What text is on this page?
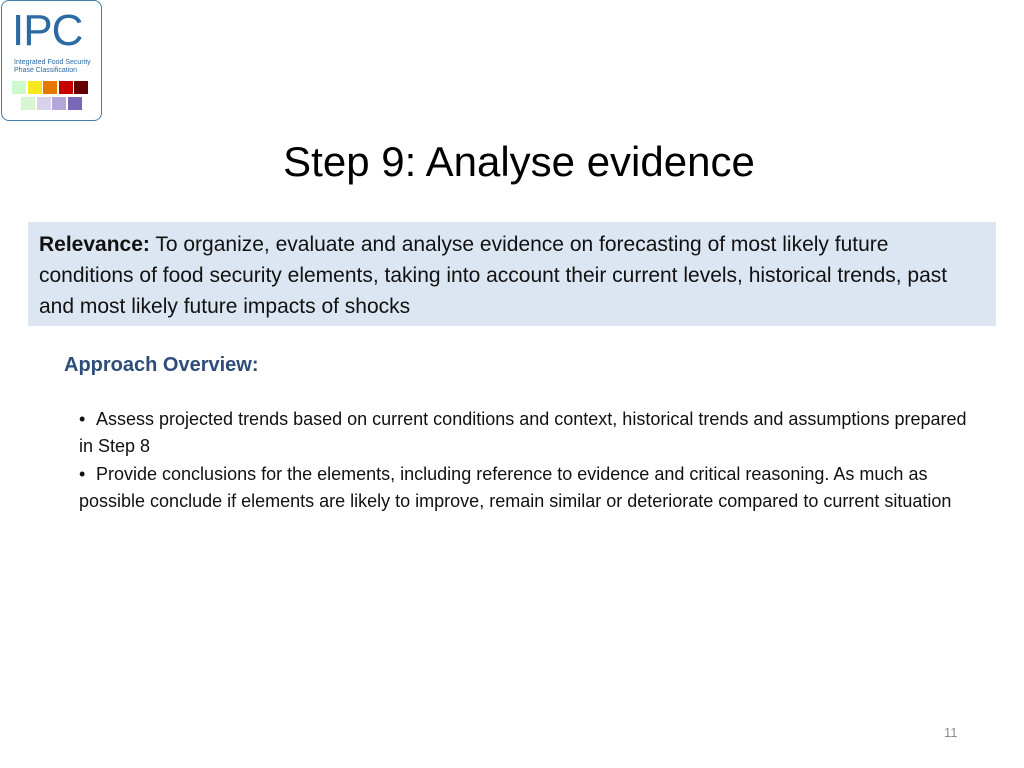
IPC
Integrated Food Security
Phase Classification
Step 9: Analyse evidence
Relevance: To organize, evaluate and analyse evidence on forecasting of most likely future conditions of food security elements, taking into account their current levels, historical trends, past and most likely future impacts of shocks
Approach Overview:
• Assess projected trends based on current conditions and context, historical trends and assumptions prepared in Step 8
• Provide conclusions for the elements, including reference to evidence and critical reasoning. As much as possible conclude if elements are likely to improve, remain similar or deteriorate compared to current situation
11
